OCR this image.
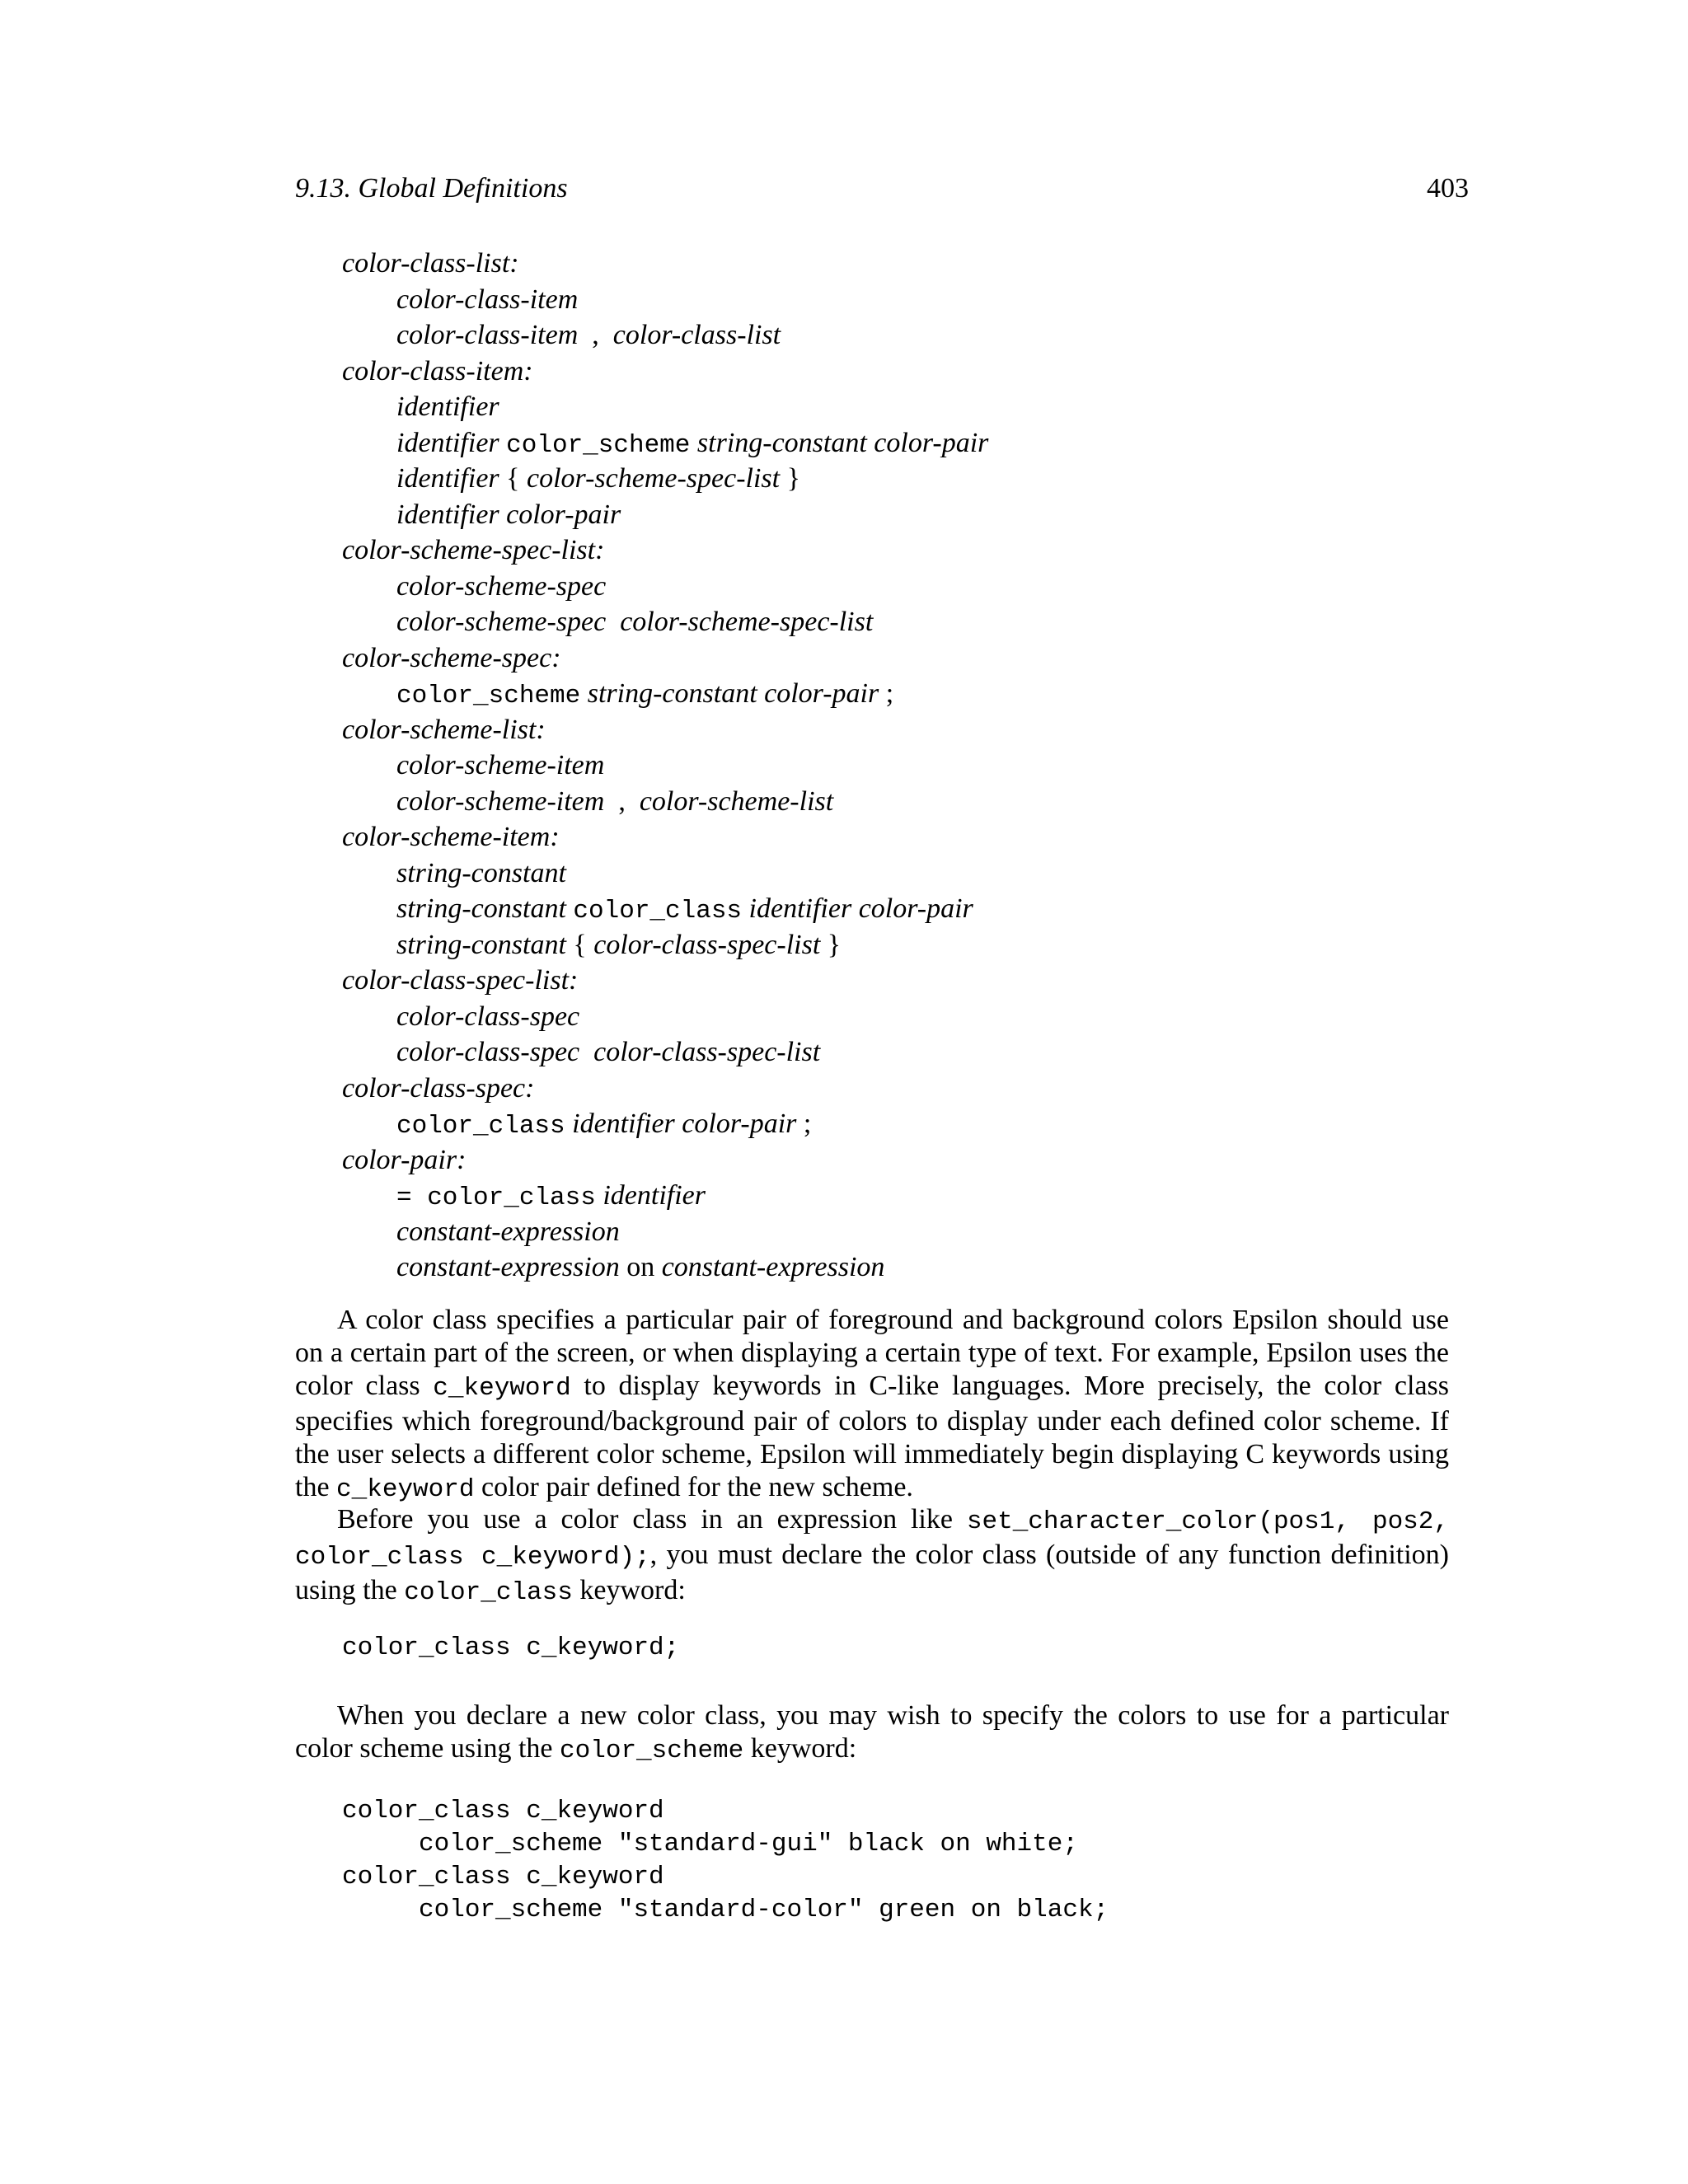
9.13. Global Definitions	403
color-class-list:
color-class-item
color-class-item  ,  color-class-list
color-class-item:
identifier
identifier color_scheme string-constant color-pair
identifier { color-scheme-spec-list }
identifier color-pair
color-scheme-spec-list:
color-scheme-spec
color-scheme-spec  color-scheme-spec-list
color-scheme-spec:
color_scheme string-constant color-pair ;
color-scheme-list:
color-scheme-item
color-scheme-item  ,  color-scheme-list
color-scheme-item:
string-constant
string-constant color_class identifier color-pair
string-constant { color-class-spec-list }
color-class-spec-list:
color-class-spec
color-class-spec  color-class-spec-list
color-class-spec:
color_class identifier color-pair ;
color-pair:
= color_class identifier
constant-expression
constant-expression on constant-expression

  A color class specifies a particular pair of foreground and background colors Epsilon should use on a certain part of the screen, or when displaying a certain type of text. For example, Epsilon uses the color class c_keyword to display keywords in C-like languages. More precisely, the color class specifies which foreground/background pair of colors to display under each defined color scheme. If the user selects a different color scheme, Epsilon will immediately begin displaying C keywords using the c_keyword color pair defined for the new scheme.

  Before you use a color class in an expression like set_character_color(pos1, pos2, color_class c_keyword);, you must declare the color class (outside of any function definition) using the color_class keyword:

color_class c_keyword;

  When you declare a new color class, you may wish to specify the colors to use for a particular color scheme using the color_scheme keyword:

color_class c_keyword
color_scheme "standard-gui" black on white;
color_class c_keyword
color_scheme "standard-color" green on black;
